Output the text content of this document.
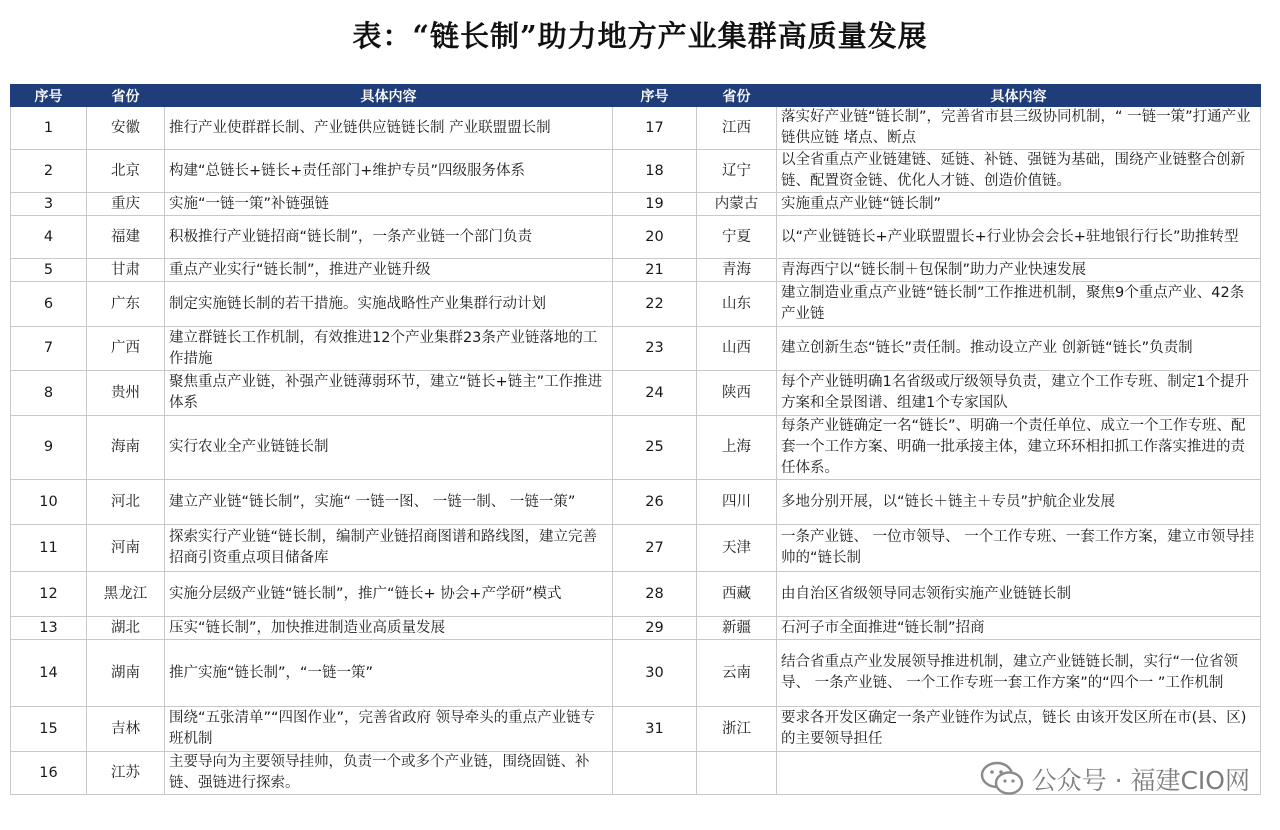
表：“链长制”助力地方产业集群高质量发展
序号	省份	具体内容	序号	省份	具体内容
1	安徽	推行产业使群群长制、产业链供应链链长制 产业联盟盟长制	17	江西	落实好产业链“链长制”，完善省市县三级协同机制，“ 一链一策”打通产业链供应链 堵点、断点
2	北京	构建“总链长+链长+责任部门+维护专员”四级服务体系	18	辽宁	以全省重点产业链建链、延链、补链、强链为基础，围绕产业链整合创新链、配置资金链、优化人才链、创造价值链。
3	重庆	实施“一链一策”补链强链	19	内蒙古	实施重点产业链“链长制”
4	福建	积极推行产业链招商“链长制”，一条产业链一个部门负责	20	宁夏	以“产业链链长+产业联盟盟长+行业协会会长+驻地银行行长”助推转型
5	甘肃	重点产业实行“链长制”，推进产业链升级	21	青海	青海西宁以“链长制＋包保制”助力产业快速发展
6	广东	制定实施链长制的若干措施。实施战略性产业集群行动计划	22	山东	建立制造业重点产业链“链长制”工作推进机制，聚焦9个重点产业、42条产业链
7	广西	建立群链长工作机制，有效推进12个产业集群23条产业链落地的工作措施	23	山西	建立创新生态“链长”责任制。推动设立产业 创新链“链长”负责制
8	贵州	聚焦重点产业链，补强产业链薄弱环节，建立“链长+链主”工作推进体系	24	陕西	每个产业链明确1名省级或厅级领导负责，建立个工作专班、制定1个提升方案和全景图谱、组建1个专家国队
9	海南	实行农业全产业链链长制	25	上海	每条产业链确定一名“链长”、明确一个责任单位、成立一个工作专班、配套一个工作方案、明确一批承接主体，建立环环相扣抓工作落实推进的责任体系。
10	河北	建立产业链“链长制”，实施“ 一链一图、 一链一制、 一链一策”	26	四川	多地分别开展，以“链长＋链主＋专员”护航企业发展
11	河南	探索实行产业链“链长制，编制产业链招商图谱和路线图，建立完善招商引资重点项目储备库	27	天津	一条产业链、 一位市领导、 一个工作专班、一套工作方案，建立市领导挂帅的“链长制
12	黑龙江	实施分层级产业链“链长制”，推广“链长+ 协会+产学研”模式	28	西藏	由自治区省级领导同志领衔实施产业链链长制
13	湖北	压实“链长制”，加快推进制造业高质量发展	29	新疆	石河子市全面推进“链长制”招商
14	湖南	推广实施“链长制”，“一链一策”	30	云南	结合省重点产业发展领导推进机制，建立产业链链长制，实行“一位省领导、 一条产业链、 一个工作专班一套工作方案”的“四个一 ”工作机制
15	吉林	围绕“五张清单”“四图作业”，完善省政府 领导牵头的重点产业链专班机制	31	浙江	要求各开发区确定一条产业链作为试点，链长 由该开发区所在市(县、区)的主要领导担任
16	江苏	主要导向为主要领导挂帅，负责一个或多个产业链，围绕固链、补链、强链进行探索。				公众号 · 福建CIO网
